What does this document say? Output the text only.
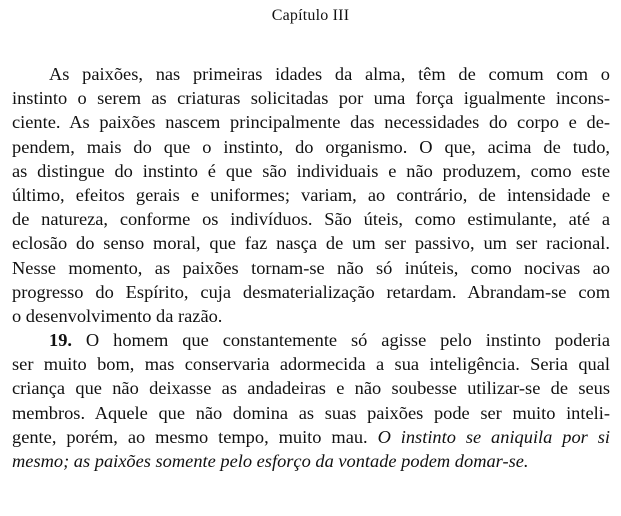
Capítulo III
As paixões, nas primeiras idades da alma, têm de comum com o
instinto o serem as criaturas solicitadas por uma força igualmente incons-
ciente. As paixões nascem principalmente das necessidades do corpo e de-
pendem, mais do que o instinto, do organismo. O que, acima de tudo,
as distingue do instinto é que são individuais e não produzem, como este
último, efeitos gerais e uniformes; variam, ao contrário, de intensidade e
de natureza, conforme os indivíduos. São úteis, como estimulante, até a
eclosão do senso moral, que faz nasça de um ser passivo, um ser racional.
Nesse momento, as paixões tornam-se não só inúteis, como nocivas ao
progresso do Espírito, cuja desmaterialização retardam. Abrandam-se com
o desenvolvimento da razão.
19. O homem que constantemente só agisse pelo instinto poderia
ser muito bom, mas conservaria adormecida a sua inteligência. Seria qual
criança que não deixasse as andadeiras e não soubesse utilizar-se de seus
membros. Aquele que não domina as suas paixões pode ser muito inteli-
gente, porém, ao mesmo tempo, muito mau. O instinto se aniquila por si
mesmo; as paixões somente pelo esforço da vontade podem domar-se.
